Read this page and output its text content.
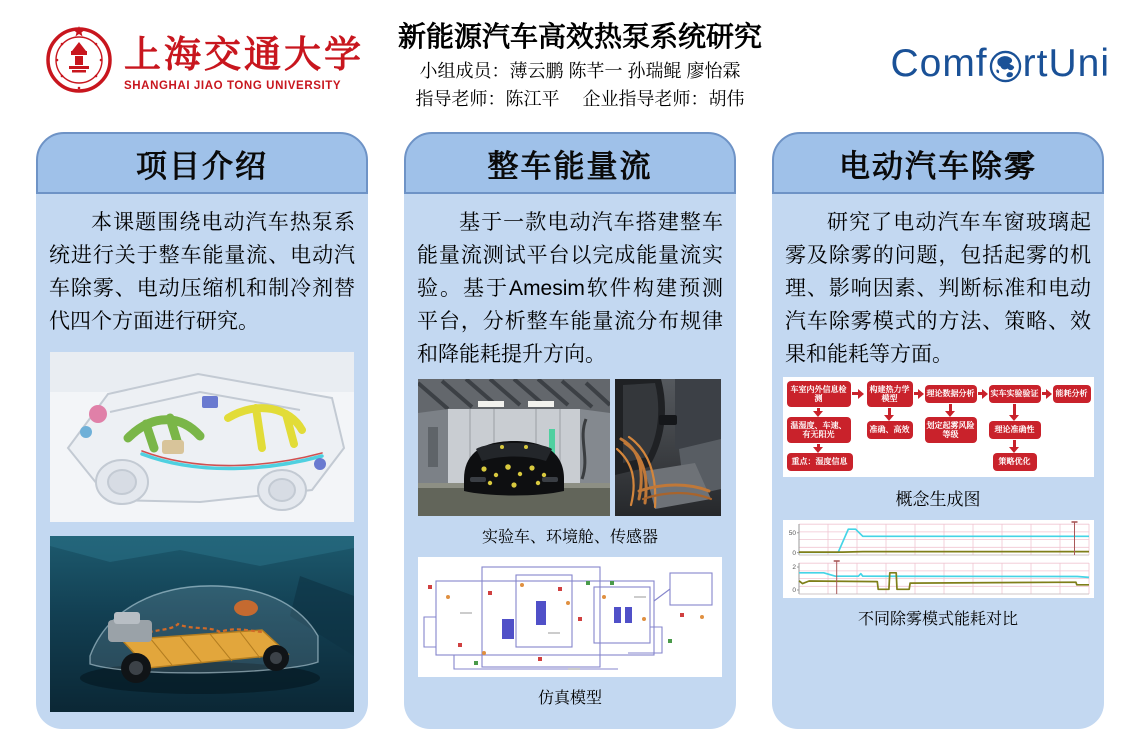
上海交通大学
SHANGHAI JIAO TONG UNIVERSITY
新能源汽车高效热泵系统研究
小组成员：薄云鹏 陈芊一 孙瑞鲲 廖怡霖
指导老师：陈江平　 企业指导老师：胡伟
Comf rtUni
项目介绍

本课题围绕电动汽车热泵系统进行关于整车能量流、电动汽车除雾、电动压缩机和制冷剂替代四个方面进行研究。

整车能量流

基于一款电动汽车搭建整车能量流测试平台以完成能量流实验。基于Amesim软件构建预测平台，分析整车能量流分布规律和降能耗提升方向。

实验车、环境舱、传感器
仿真模型
电动汽车除雾

研究了电动汽车车窗玻璃起雾及除雾的问题，包括起雾的机理、影响因素、判断标准和电动汽车除雾模式的方法、策略、效果和能耗等方面。

车室内外信息检测
构建热力学模型
理论数据分析 实车实验验证	能耗分析
温湿度、车速、有无阳光
准确、高效
划定起雾风险等级
理论准确性
重点：湿度信息	策略优化
概念生成图
50
0
2
0
不同除雾模式能耗对比
